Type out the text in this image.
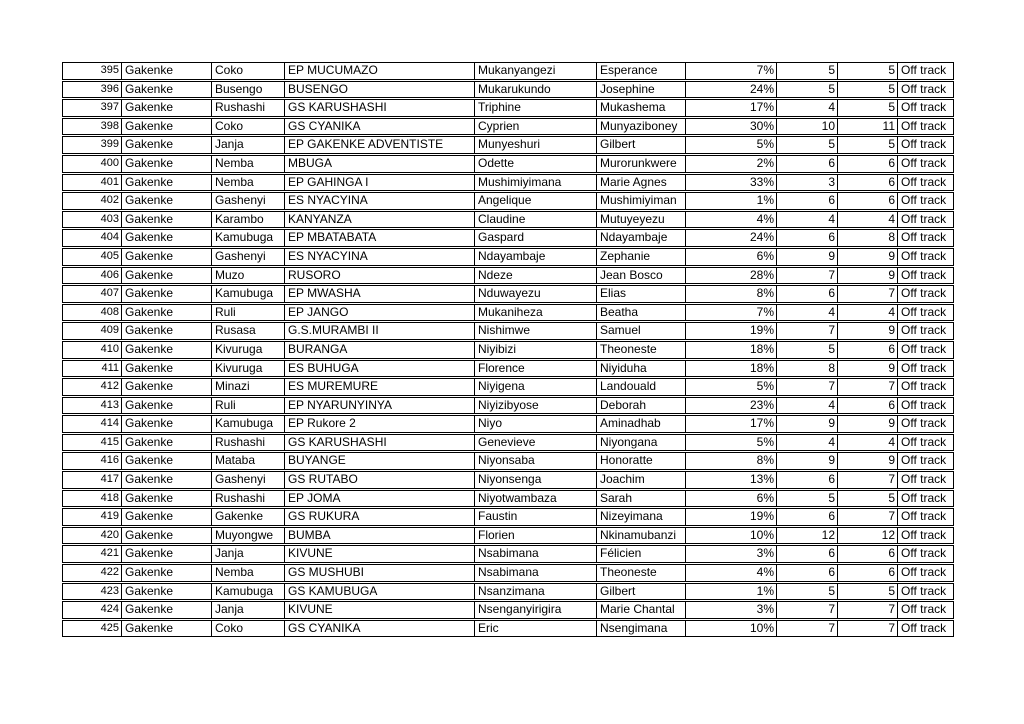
395 Gakenke	Coko	EP MUCUMAZO	Mukanyangezi	Esperance	7%	5	5 Off track
396 Gakenke	Busengo	BUSENGO	Mukarukundo	Josephine	24%	5	5 Off track
397 Gakenke	Rushashi	GS KARUSHASHI	Triphine	Mukashema	17%	4	5 Off track
398 Gakenke	Coko	GS CYANIKA	Cyprien	Munyaziboney	30%	10	11 Off track
399 Gakenke	Janja	EP GAKENKE ADVENTISTE	Munyeshuri	Gilbert	5%	5	5 Off track
400 Gakenke	Nemba	MBUGA	Odette	Murorunkwere	2%	6	6 Off track
401 Gakenke	Nemba	EP GAHINGA I	Mushimiyimana	Marie Agnes	33%	3	6 Off track
402 Gakenke	Gashenyi	ES NYACYINA	Angelique	Mushimiyiman	1%	6	6 Off track
403 Gakenke	Karambo	KANYANZA	Claudine	Mutuyeyezu	4%	4	4 Off track
404 Gakenke	Kamubuga	EP MBATABATA	Gaspard	Ndayambaje	24%	6	8 Off track
405 Gakenke	Gashenyi	ES NYACYINA	Ndayambaje	Zephanie	6%	9	9 Off track
406 Gakenke	Muzo	RUSORO	Ndeze	Jean Bosco	28%	7	9 Off track
407 Gakenke	Kamubuga	EP MWASHA	Nduwayezu	Elias	8%	6	7 Off track
408 Gakenke	Ruli	EP JANGO	Mukaniheza	Beatha	7%	4	4 Off track
409 Gakenke	Rusasa	G.S.MURAMBI II	Nishimwe	Samuel	19%	7	9 Off track
410 Gakenke	Kivuruga	BURANGA	Niyibizi	Theoneste	18%	5	6 Off track
411 Gakenke	Kivuruga	ES BUHUGA	Florence	Niyiduha	18%	8	9 Off track
412 Gakenke	Minazi	ES MUREMURE	Niyigena	Landouald	5%	7	7 Off track
413 Gakenke	Ruli	EP NYARUNYINYA	Niyizibyose	Deborah	23%	4	6 Off track
414 Gakenke	Kamubuga	EP Rukore 2	Niyo	Aminadhab	17%	9	9 Off track
415 Gakenke	Rushashi	GS KARUSHASHI	Genevieve	Niyongana	5%	4	4 Off track
416 Gakenke	Mataba	BUYANGE	Niyonsaba	Honoratte	8%	9	9 Off track
417 Gakenke	Gashenyi	GS RUTABO	Niyonsenga	Joachim	13%	6	7 Off track
418 Gakenke	Rushashi	EP JOMA	Niyotwambaza	Sarah	6%	5	5 Off track
419 Gakenke	Gakenke	GS RUKURA	Faustin	Nizeyimana	19%	6	7 Off track
420 Gakenke	Muyongwe	BUMBA	Florien	Nkinamubanzi	10%	12	12 Off track
421 Gakenke	Janja	KIVUNE	Nsabimana	Félicien	3%	6	6 Off track
422 Gakenke	Nemba	GS MUSHUBI	Nsabimana	Theoneste	4%	6	6 Off track
423 Gakenke	Kamubuga	GS KAMUBUGA	Nsanzimana	Gilbert	1%	5	5 Off track
424 Gakenke	Janja	KIVUNE	Nsenganyirigira	Marie Chantal	3%	7	7 Off track
425 Gakenke	Coko	GS CYANIKA	Eric	Nsengimana	10%	7	7 Off track
